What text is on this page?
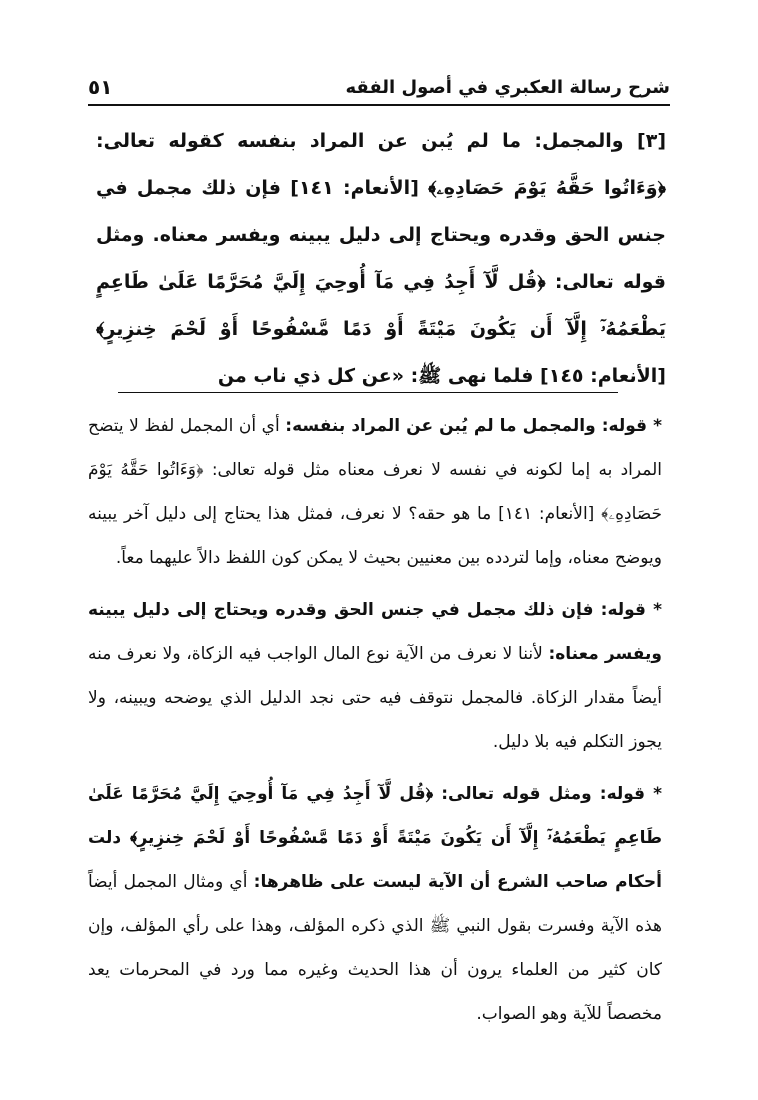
شرح رسالة العكبري في أصول الفقه
٥١

[٣] والمجمل: ما لم يُبن عن المراد بنفسه كقوله تعالى: ﴿وَءَاتُوا حَقَّهُ يَوْمَ حَصَادِهِۦ﴾ [الأنعام: ١٤١] فإن ذلك مجمل في جنس الحق وقدره ويحتاج إلى دليل يبينه ويفسر معناه. ومثل قوله تعالى: ﴿قُل لَّآ أَجِدُ فِي مَآ أُوحِيَ إِلَيَّ مُحَرَّمًا عَلَىٰ طَاعِمٍ يَطْعَمُهُۥٓ إِلَّآ أَن يَكُونَ مَيْتَةً أَوْ دَمًا مَّسْفُوحًا أَوْ لَحْمَ خِنزِيرٍ﴾ [الأنعام: ١٤٥] فلما نهى ﷺ: «عن كل ذي ناب من

* قوله: والمجمل ما لم يُبن عن المراد بنفسه: أي أن المجمل لفظ لا يتضح المراد به إما لكونه في نفسه لا نعرف معناه مثل قوله تعالى: ﴿وَءَاتُوا حَقَّهُ يَوْمَ حَصَادِهِۦ﴾ [الأنعام: ١٤١] ما هو حقه؟ لا نعرف، فمثل هذا يحتاج إلى دليل آخر يبينه ويوضح معناه، وإما لتردده بين معنيين بحيث لا يمكن كون اللفظ دالاً عليهما معاً.

* قوله: فإن ذلك مجمل في جنس الحق وقدره ويحتاج إلى دليل يبينه ويفسر معناه: لأننا لا نعرف من الآية نوع المال الواجب فيه الزكاة، ولا نعرف منه أيضاً مقدار الزكاة. فالمجمل نتوقف فيه حتى نجد الدليل الذي يوضحه ويبينه، ولا يجوز التكلم فيه بلا دليل.

* قوله: ومثل قوله تعالى: ﴿قُل لَّآ أَجِدُ فِي مَآ أُوحِيَ إِلَيَّ مُحَرَّمًا عَلَىٰ طَاعِمٍ يَطْعَمُهُۥٓ إِلَّآ أَن يَكُونَ مَيْتَةً أَوْ دَمًا مَّسْفُوحًا أَوْ لَحْمَ خِنزِيرٍ﴾ دلت أحكام صاحب الشرع أن الآية ليست على ظاهرها: أي ومثال المجمل أيضاً هذه الآية وفسرت بقول النبي ﷺ الذي ذكره المؤلف، وهذا على رأي المؤلف، وإن كان كثير من العلماء يرون أن هذا الحديث وغيره مما ورد في المحرمات يعد مخصصاً للآية وهو الصواب.
